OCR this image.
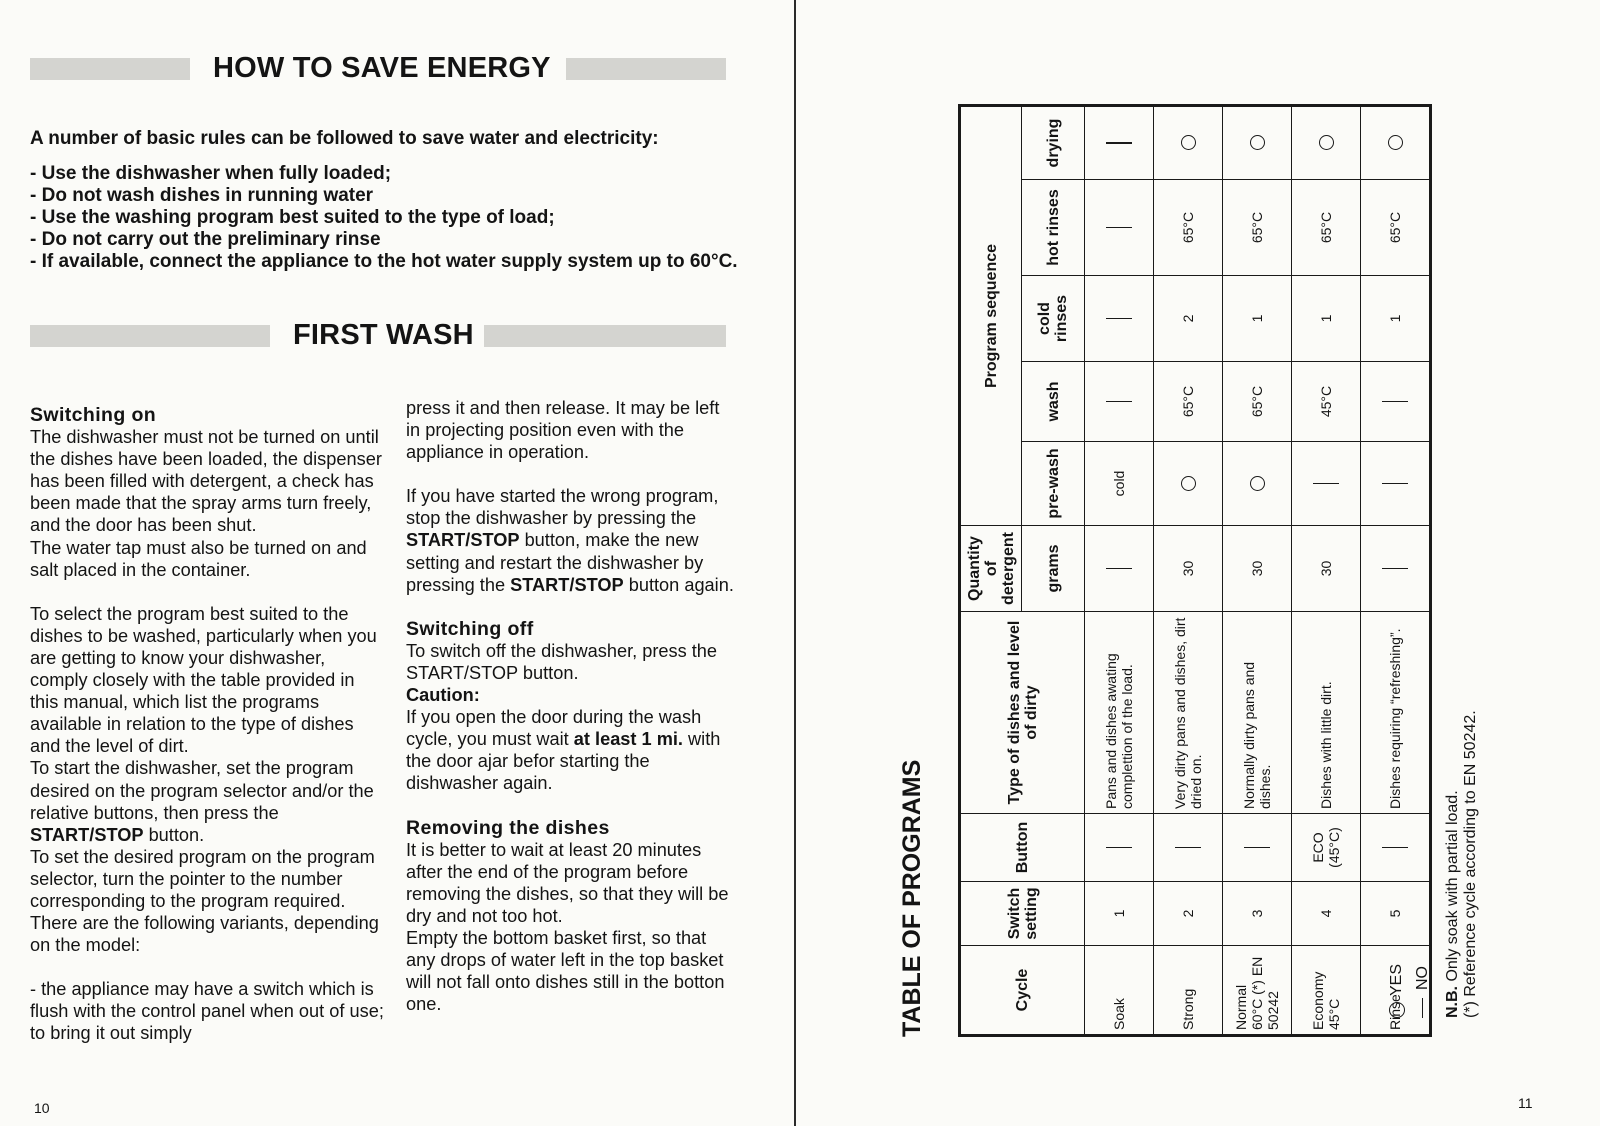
HOW TO SAVE ENERGY
A number of basic rules can be followed to save water and electricity:
- Use the dishwasher when fully loaded;
- Do not wash dishes in running water
- Use the washing program best suited to the type of load;
- Do not carry out the preliminary rinse
- If available, connect the appliance to the hot water supply system up to 60°C.
FIRST WASH
Switching on

The dishwasher must not be turned on until the dishes have been loaded, the dispenser has been filled with detergent, a check has been made that the spray arms turn freely, and the door has been shut.

The water tap must also be turned on and salt placed in the container.

To select the program best suited to the dishes to be washed, particularly when you are getting to know your dishwasher, comply closely with the table provided in this manual, which list the programs available in relation to the type of dishes and the level of dirt.

To start the dishwasher, set the program desired on the program selector and/or the relative buttons, then press the START/STOP button.

To set the desired program on the program selector, turn the pointer to the number corresponding to the program required. There are the following variants, depending on the model:

- the appliance may have a switch which is flush with the control panel when out of use; to bring it out simply

press it and then release. It may be left in projecting position even with the appliance in operation.

If you have started the wrong program, stop the dishwasher by pressing the START/STOP button, make the new setting and restart the dishwasher by pressing the START/STOP button again.

Switching off

To switch off the dishwasher, press the START/STOP button.

Caution:

If you open the door during the wash cycle, you must wait at least 1 mi. with the door ajar befor starting the dishwasher again.

Removing the dishes

It is better to wait at least 20 minutes after the end of the program before removing the dishes, so that they will be dry and not too hot.

Empty the bottom basket first, so that any drops of water left in the top basket will not fall onto dishes still in the botton one.

10
TABLE OF PROGRAMS	Cycle	Switch setting	Button	Type of dishes and level of dirty	Quantity of detergent	Program sequence				
				grams	pre-wash	wash	cold rinses	hot rinses	drying
Soak	1		Pans and dishes awating complettion of the load.		cold				
Strong	2		Very dirty pans and dishes, dirt dried on.	30		65°C	2	65°C	
Normal 60°C (*) EN 50242	3		Normally dirty pans and dishes.	30		65°C	1	65°C	
Economy 45°C	4	ECO (45°C)	Dishes with little dirt.	30		45°C	1	65°C	
Rinse	5		Dishes requiring “refreshing”.				1	65°C	
YES NO
N.B. Only soak with partial load. (*) Reference cycle according to EN 50242.
11
